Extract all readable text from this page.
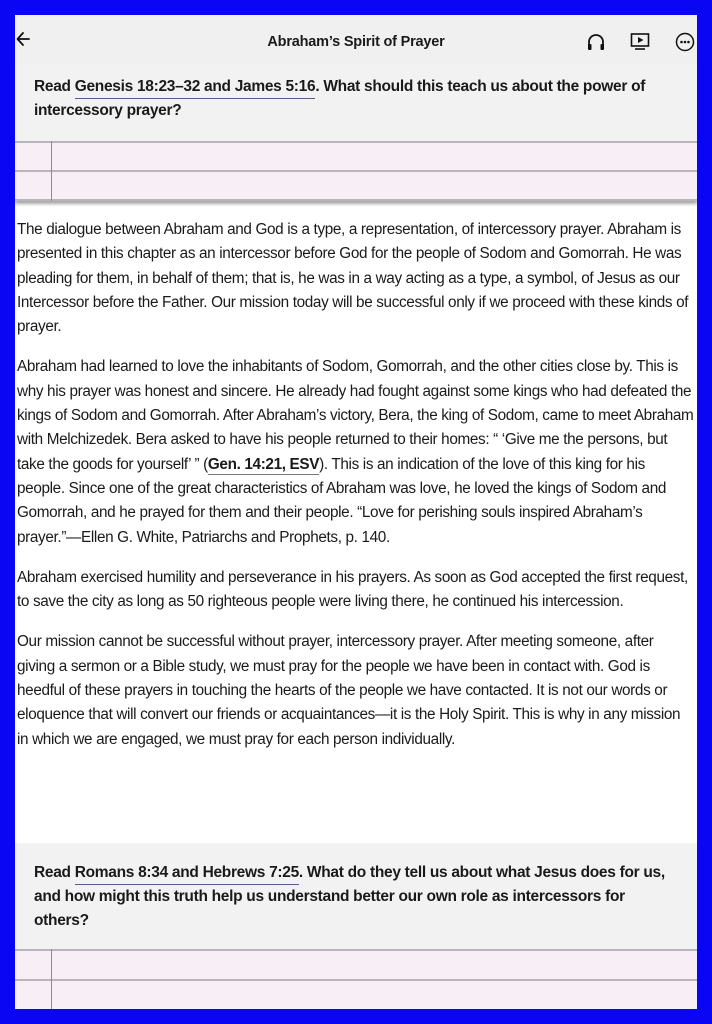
Abraham’s Spirit of Prayer
Read Genesis 18:23–32 and James 5:16
. What should this teach us about the power of intercessory prayer?

The dialogue between Abraham and God is a type, a representation, of intercessory prayer. Abraham is presented in this chapter as an intercessor before God for the people of Sodom and Gomorrah. He was pleading for them, in behalf of them; that is, he was in a way acting as a type, a symbol, of Jesus as our Intercessor before the Father. Our mission today will be successful only if we proceed with these kinds of prayer.

Abraham had learned to love the inhabitants of Sodom, Gomorrah, and the other cities close by. This is why his prayer was honest and sincere. He already had fought against some kings who had defeated the kings of Sodom and Gomorrah. After Abraham’s victory, Bera, the king of Sodom, came to meet Abraham with Melchizedek. Bera asked to have his people returned to their homes: “ ‘Give me the persons, but take the goods for yourself’ ” (Gen. 14:21, ESV). This is an indication of the love of this king for his people. Since one of the great characteristics of Abraham was love, he loved the kings of Sodom and Gomorrah, and he prayed for them and their people. “Love for perishing souls inspired Abraham’s prayer.”—Ellen G. White, Patriarchs and Prophets, p. 140.

Abraham exercised humility and perseverance in his prayers. As soon as God accepted the first request, to save the city as long as 50 righteous people were living there, he continued his intercession.

Our mission cannot be successful without prayer, intercessory prayer. After meeting someone, after giving a sermon or a Bible study, we must pray for the people we have been in contact with. God is heedful of these prayers in touching the hearts of the people we have contacted. It is not our words or eloquence that will convert our friends or acquaintances—it is the Holy Spirit. This is why in any mission in which we are engaged, we must pray for each person individually.

Read Romans 8:34 and Hebrews 7:25
. What do they tell us about what Jesus does for us, and how might this truth help us understand better our own role as intercessors for others?
